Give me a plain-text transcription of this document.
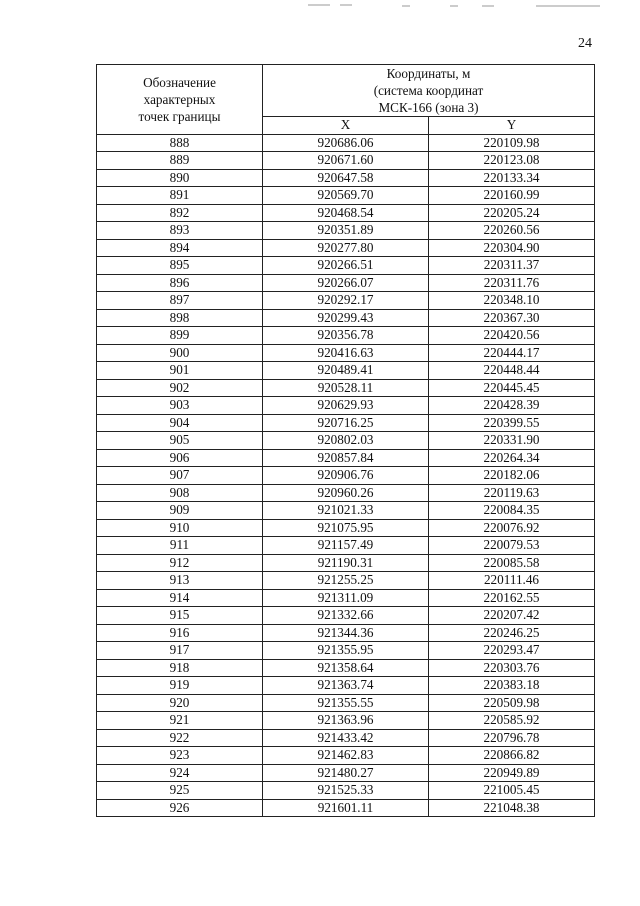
24
Обозначение
характерных
точек границы	Координаты, м
(система координат
МСК-166 (зона 3)	

	X	Y
888	920686.06	220109.98
889	920671.60	220123.08
890	920647.58	220133.34
891	920569.70	220160.99
892	920468.54	220205.24
893	920351.89	220260.56
894	920277.80	220304.90
895	920266.51	220311.37
896	920266.07	220311.76
897	920292.17	220348.10
898	920299.43	220367.30
899	920356.78	220420.56
900	920416.63	220444.17
901	920489.41	220448.44
902	920528.11	220445.45
903	920629.93	220428.39
904	920716.25	220399.55
905	920802.03	220331.90
906	920857.84	220264.34
907	920906.76	220182.06
908	920960.26	220119.63
909	921021.33	220084.35
910	921075.95	220076.92
911	921157.49	220079.53
912	921190.31	220085.58
913	921255.25	220111.46
914	921311.09	220162.55
915	921332.66	220207.42
916	921344.36	220246.25
917	921355.95	220293.47
918	921358.64	220303.76
919	921363.74	220383.18
920	921355.55	220509.98
921	921363.96	220585.92
922	921433.42	220796.78
923	921462.83	220866.82
924	921480.27	220949.89
925	921525.33	221005.45
926	921601.11	221048.38
